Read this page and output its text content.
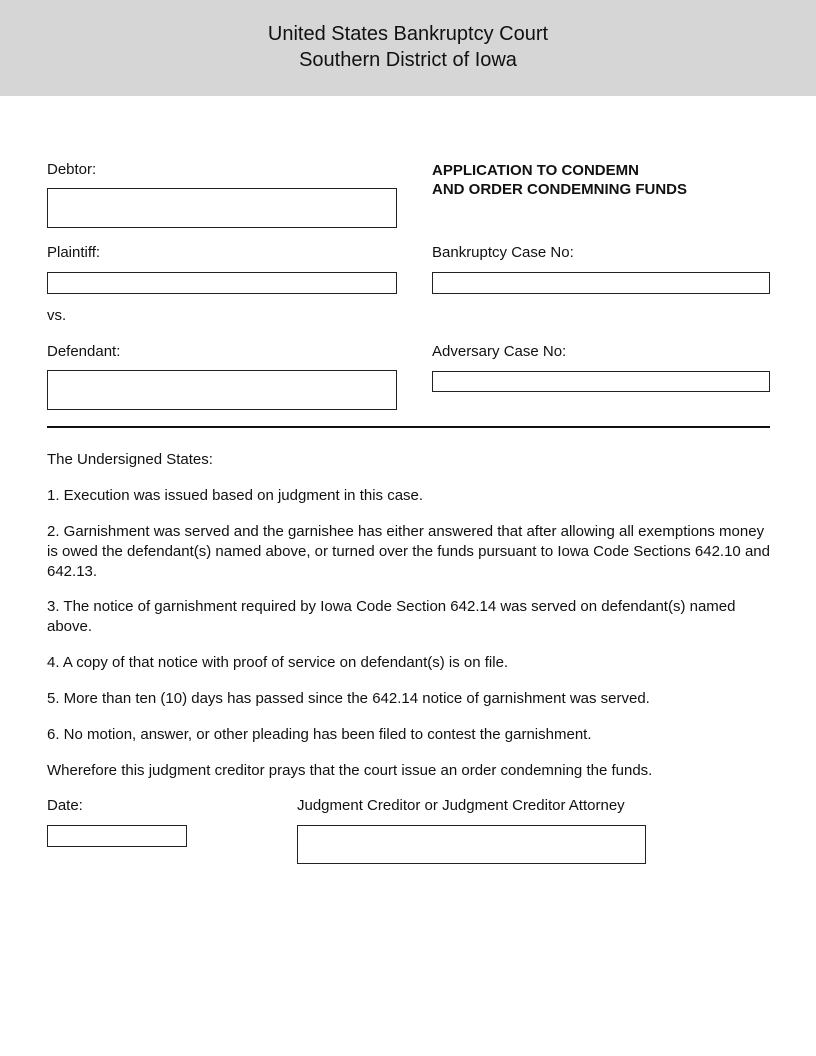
United States Bankruptcy Court
Southern District of Iowa
Debtor:
Plaintiff:
vs.
Defendant:
APPLICATION TO CONDEMN
AND ORDER CONDEMNING FUNDS
Bankruptcy Case No:
Adversary Case No:
The Undersigned States:
1. Execution was issued based on judgment in this case.
2. Garnishment was served and the garnishee has either answered that after allowing all exemptions money is owed the defendant(s) named above, or turned over the funds pursuant to Iowa Code Sections 642.10 and 642.13.
3. The notice of garnishment required by Iowa Code Section 642.14 was served on defendant(s) named above.
4. A copy of that notice with proof of service on defendant(s) is on file.
5. More than ten (10) days has passed since the 642.14 notice of garnishment was served.
6. No motion, answer, or other pleading has been filed to contest the garnishment.
Wherefore this judgment creditor prays that the court issue an order condemning the funds.
Date:	Judgment Creditor or Judgment Creditor Attorney
